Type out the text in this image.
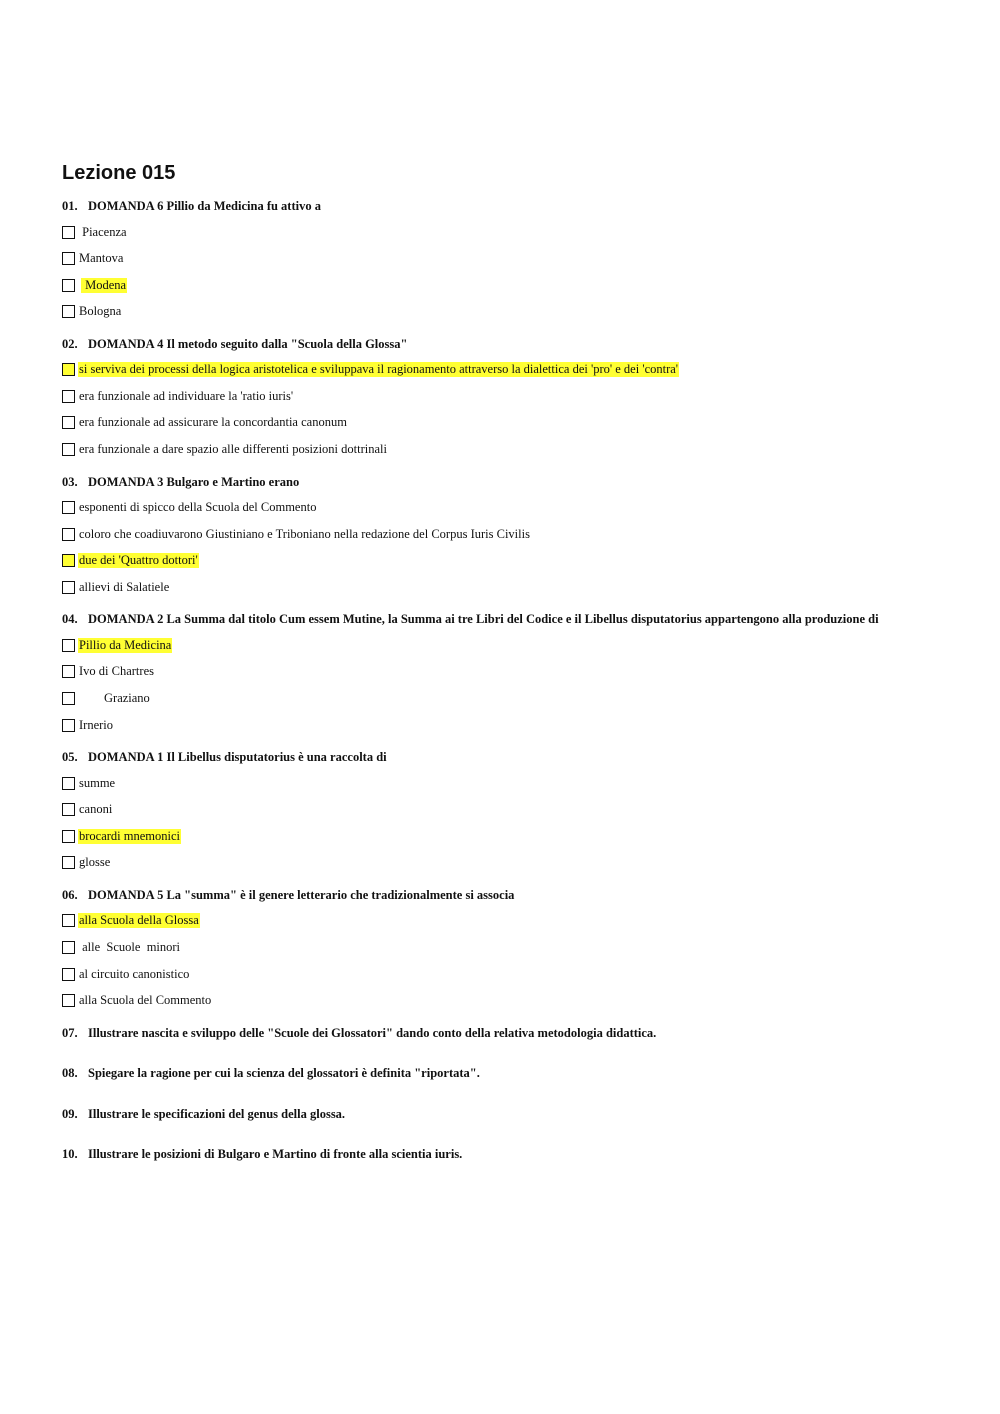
Lezione 015
01. DOMANDA 6 Pillio da Medicina fu attivo a
Piacenza
Mantova
Modena
Bologna
02. DOMANDA 4 Il metodo seguito dalla "Scuola della Glossa"
si serviva dei processi della logica aristotelica e sviluppava il ragionamento attraverso la dialettica dei 'pro' e dei 'contra'
era funzionale ad individuare la 'ratio iuris'
era funzionale ad assicurare la concordantia canonum
era funzionale a dare spazio alle differenti posizioni dottrinali
03. DOMANDA 3 Bulgaro e Martino erano
esponenti di spicco della Scuola del Commento
coloro che coadiuvarono Giustiniano e Triboniano nella redazione del Corpus Iuris Civilis
due dei 'Quattro dottori'
allievi di Salatiele
04. DOMANDA 2 La Summa dal titolo Cum essem Mutine, la Summa ai tre Libri del Codice e il Libellus disputatorius appartengono alla produzione di
Pillio da Medicina
Ivo di Chartres
Graziano
Irnerio
05. DOMANDA 1 Il Libellus disputatorius è una raccolta di
summe
canoni
brocardi mnemonici
glosse
06. DOMANDA 5 La "summa" è il genere letterario che tradizionalmente si associa
alla Scuola della Glossa
alle  Scuole  minori
al circuito canonistico
alla Scuola del Commento
07. Illustrare nascita e sviluppo delle "Scuole dei Glossatori" dando conto della relativa metodologia didattica.
08. Spiegare la ragione per cui la scienza del glossatori è definita "riportata".
09. Illustrare le specificazioni del genus della glossa.
10. Illustrare le posizioni di Bulgaro e Martino di fronte alla scientia iuris.
